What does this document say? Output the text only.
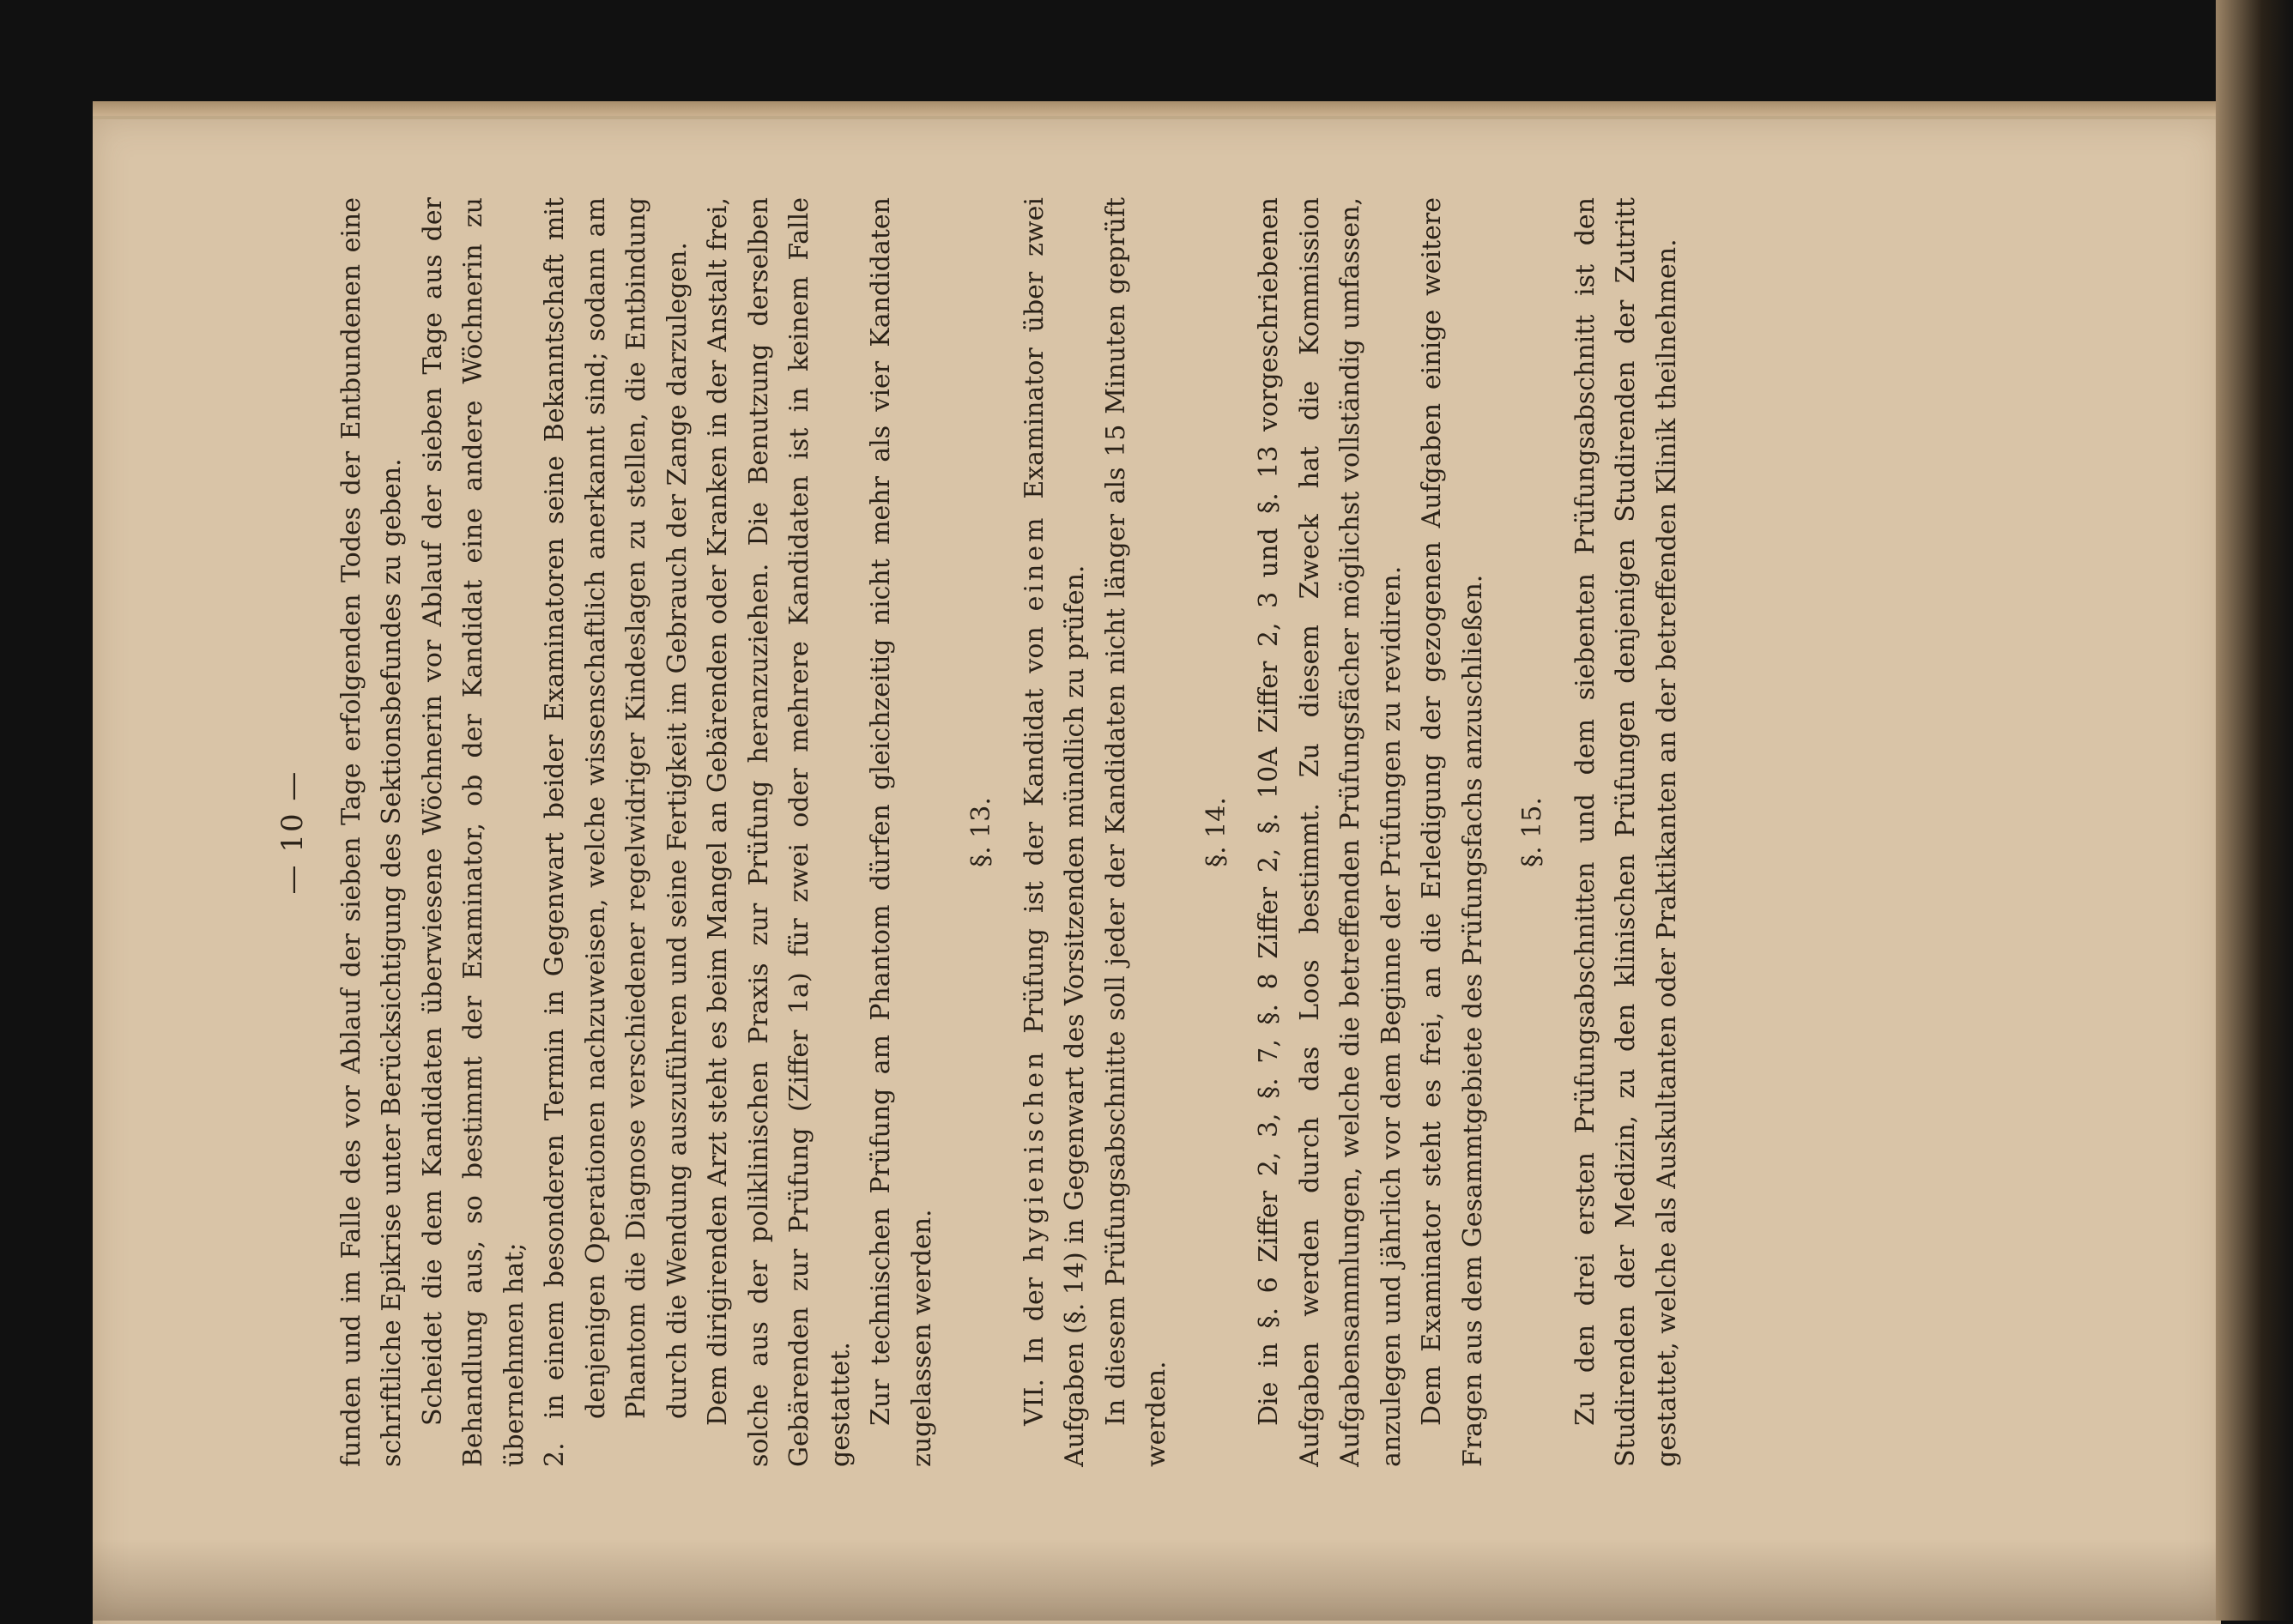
— 10 — funden und im Falle des vor Ablauf der sieben Tage erfolgenden Todes der Entbundenen eine schriftliche Epikrise unter Berücksichtigung des Sektionsbefundes zu geben. Scheidet die dem Kandidaten überwiesene Wöchnerin vor Ablauf der sieben Tage aus der Behandlung aus, so bestimmt der Examinator, ob der Kandidat eine andere Wöchnerin zu übernehmen hat; 2.

in einem besonderen Termin in Gegenwart beider Examinatoren seine Bekanntschaft mit denjenigen Operationen nachzuweisen, welche wissenschaftlich anerkannt sind; sodann am Phantom die Diagnose verschiedener regelwidriger Kindeslagen zu stellen, die Entbindung durch die Wendung auszuführen und seine Fertigkeit im Gebrauch der Zange darzulegen. Dem dirigirenden Arzt steht es beim Mangel an Gebärenden oder Kranken in der Anstalt frei, solche aus der poliklinischen Praxis zur Prüfung heranzuziehen. Die Benutzung derselben Gebärenden zur Prüfung (Ziffer 1a) für zwei oder mehrere Kandidaten ist in keinem Falle gestattet. Zur technischen Prüfung am Phantom dürfen gleichzeitig nicht mehr als vier Kandidaten zugelassen werden.

§. 13.

VII. In der hygienischen Prüfung ist der Kandidat von einem Examinator über zwei Aufgaben (§. 14) in Gegenwart des Vorsitzenden mündlich zu prüfen. In diesem Prüfungsabschnitte soll jeder der Kandidaten nicht länger als 15 Minuten geprüft werden.

§. 14. Die in §. 6 Ziffer 2, 3, §. 7, §. 8 Ziffer 2, §. 10A Ziffer 2, 3 und §. 13 vorgeschriebenen Aufgaben werden durch das Loos bestimmt. Zu diesem Zweck hat die Kommission Aufgabensammlungen, welche die betreffenden Prüfungsfächer möglichst vollständig umfassen, anzulegen und jährlich vor dem Beginne der Prüfungen zu revidiren. Dem Examinator steht es frei, an die Erledigung der gezogenen Aufgaben einige weitere Fragen aus dem Gesammtgebiete des Prüfungsfachs anzuschließen. §. 15. Zu den drei ersten Prüfungsabschnitten und dem siebenten Prüfungsabschnitt ist den Studirenden der Medizin, zu den klinischen Prüfungen denjenigen Studirenden der Zutritt gestattet, welche als Auskultanten oder Praktikanten an der betreffenden Klinik theilnehmen.
